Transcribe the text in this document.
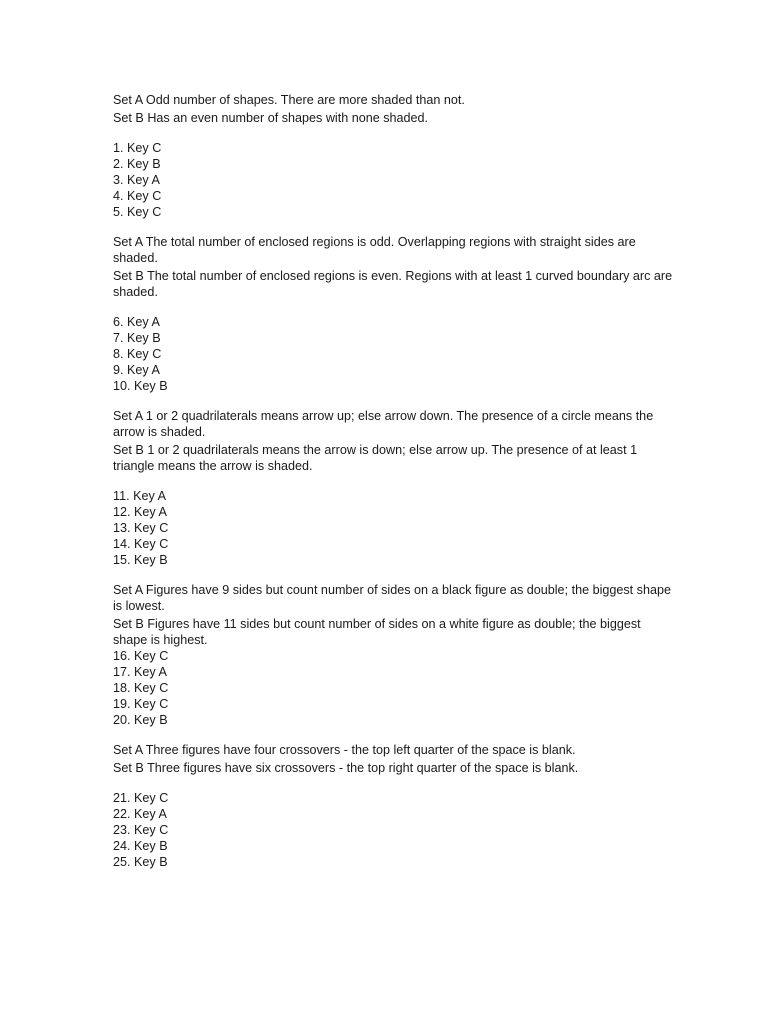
Set A Odd number of shapes. There are more shaded than not.

Set B Has an even number of shapes with none shaded.

1. Key C
2. Key B
3. Key A
4. Key C
5. Key C

Set A The total number of enclosed regions is odd. Overlapping regions with straight sides are shaded.

Set B The total number of enclosed regions is even. Regions with at least 1 curved boundary arc are shaded.

6. Key A
7. Key B
8. Key C
9. Key A
10. Key B

Set A 1 or 2 quadrilaterals means arrow up; else arrow down. The presence of a circle means the arrow is shaded.

Set B 1 or 2 quadrilaterals means the arrow is down; else arrow up. The presence of at least 1 triangle means the arrow is shaded.

11. Key A
12. Key A
13. Key C
14. Key C
15. Key B

Set A Figures have 9 sides but count number of sides on a black figure as double; the biggest shape is lowest.

Set B Figures have 11 sides but count number of sides on a white figure as double; the biggest shape is highest.

16. Key C
17. Key A
18. Key C
19. Key C
20. Key B

Set A Three figures have four crossovers - the top left quarter of the space is blank.

Set B Three figures have six crossovers - the top right quarter of the space is blank.

21. Key C
22. Key A
23. Key C
24. Key B
25. Key B
